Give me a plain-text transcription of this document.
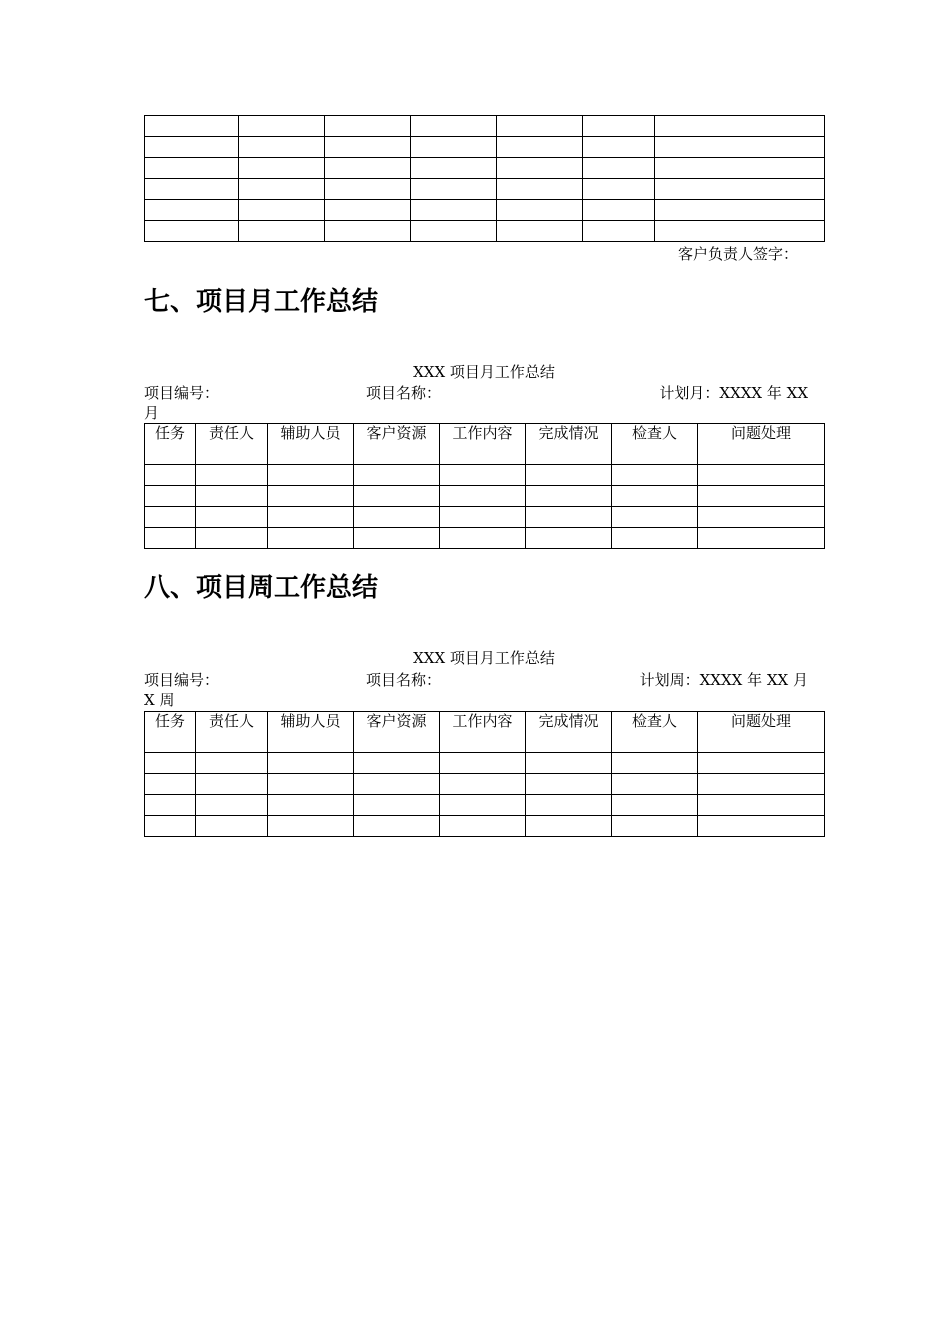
客户负责人签字：
七、项目月工作总结
XXX 项目月工作总结
项目编号：	项目名称：	计划月：XXXX 年 XX
月
任务	责任人	辅助人员	客户资源	工作内容	完成情况	检查人	问题处理

八、项目周工作总结
XXX 项目月工作总结
项目编号：	项目名称：	计划周：XXXX 年 XX 月
X 周
任务	责任人	辅助人员	客户资源	工作内容	完成情况	检查人	问题处理
